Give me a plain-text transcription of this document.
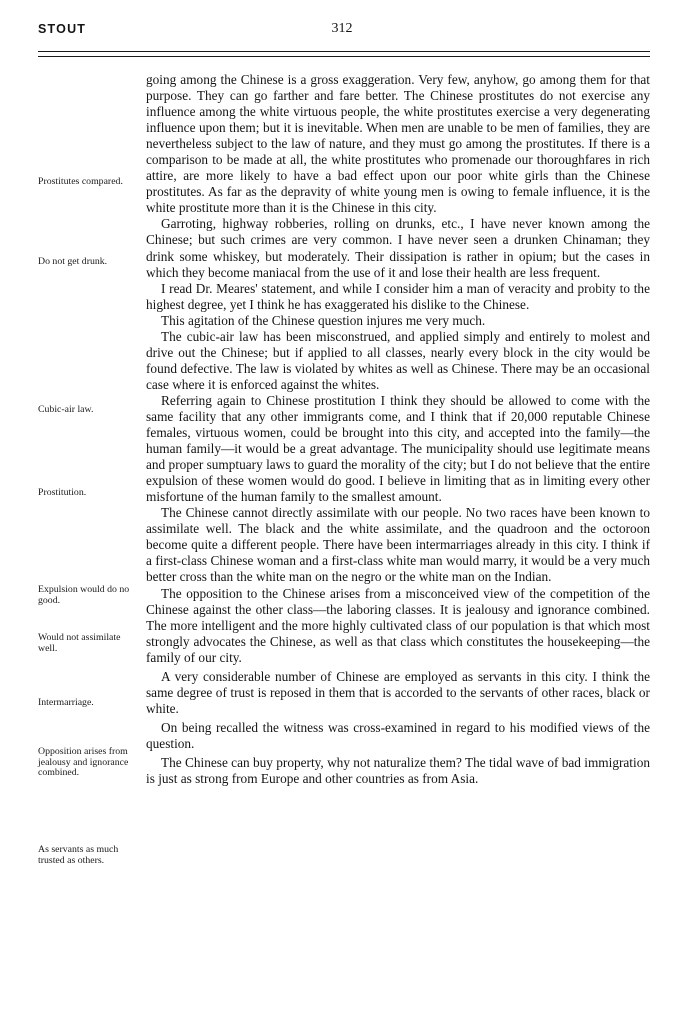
STOUT	312

going among the Chinese is a gross exaggeration. Very few, anyhow, go among them for that purpose. They can go farther and fare better. The Chinese prostitutes do not exercise any influence among the white virtuous people, the white prostitutes exercise a very degenerating influence upon them; but it is inevitable. When men are unable to be men of families, they are nevertheless subject to the law of nature, and they must go among the prostitutes. If there is a comparison to be made at all, the white prostitutes who promenade our thoroughfares in rich attire, are more likely to have a bad effect upon our poor white girls than the Chinese prostitutes. As far as the depravity of white young men is owing to female influence, it is the white prostitute more than it is the Chinese in this city.

Garroting, highway robberies, rolling on drunks, etc., I have never known among the Chinese; but such crimes are very common. I have never seen a drunken Chinaman; they drink some whiskey, but moderately. Their dissipation is rather in opium; but the cases in which they become maniacal from the use of it and lose their health are less frequent.

I read Dr. Meares' statement, and while I consider him a man of veracity and probity to the highest degree, yet I think he has exaggerated his dislike to the Chinese.

This agitation of the Chinese question injures me very much.

The cubic-air law has been misconstrued, and applied simply and entirely to molest and drive out the Chinese; but if applied to all classes, nearly every block in the city would be found defective. The law is violated by whites as well as Chinese. There may be an occasional case where it is enforced against the whites.

Referring again to Chinese prostitution I think they should be allowed to come with the same facility that any other immigrants come, and I think that if 20,000 reputable Chinese females, virtuous women, could be brought into this city, and accepted into the family—the human family—it would be a great advantage. The municipality should use legitimate means and proper sumptuary laws to guard the morality of the city; but I do not believe that the entire expulsion of these women would do good. I believe in limiting that as in limiting every other misfortune of the human family to the smallest amount.

The Chinese cannot directly assimilate with our people. No two races have been known to assimilate well. The black and the white assimilate, and the quadroon and the octoroon become quite a different people. There have been intermarriages already in this city. I think if a first-class Chinese woman and a first-class white man would marry, it would be a very much better cross than the white man on the negro or the white man on the Indian.

The opposition to the Chinese arises from a misconceived view of the competition of the Chinese against the other class—the laboring classes. It is jealousy and ignorance combined. The more intelligent and the more highly cultivated class of our population is that which most strongly advocates the Chinese, as well as that class which constitutes the housekeeping—the family of our city.

A very considerable number of Chinese are employed as servants in this city. I think the same degree of trust is reposed in them that is accorded to the servants of other races, black or white.

On being recalled the witness was cross-examined in regard to his modified views of the question.

The Chinese can buy property, why not naturalize them? The tidal wave of bad immigration is just as strong from Europe and other countries as from Asia.

Prostitutes compared.
Do not get drunk.
Cubic-air law.
Prostitution.
Expulsion would do no good.
Would not assimilate well.
Intermarriage.
Opposition arises from jealousy and ignorance combined.
As servants as much trusted as others.
